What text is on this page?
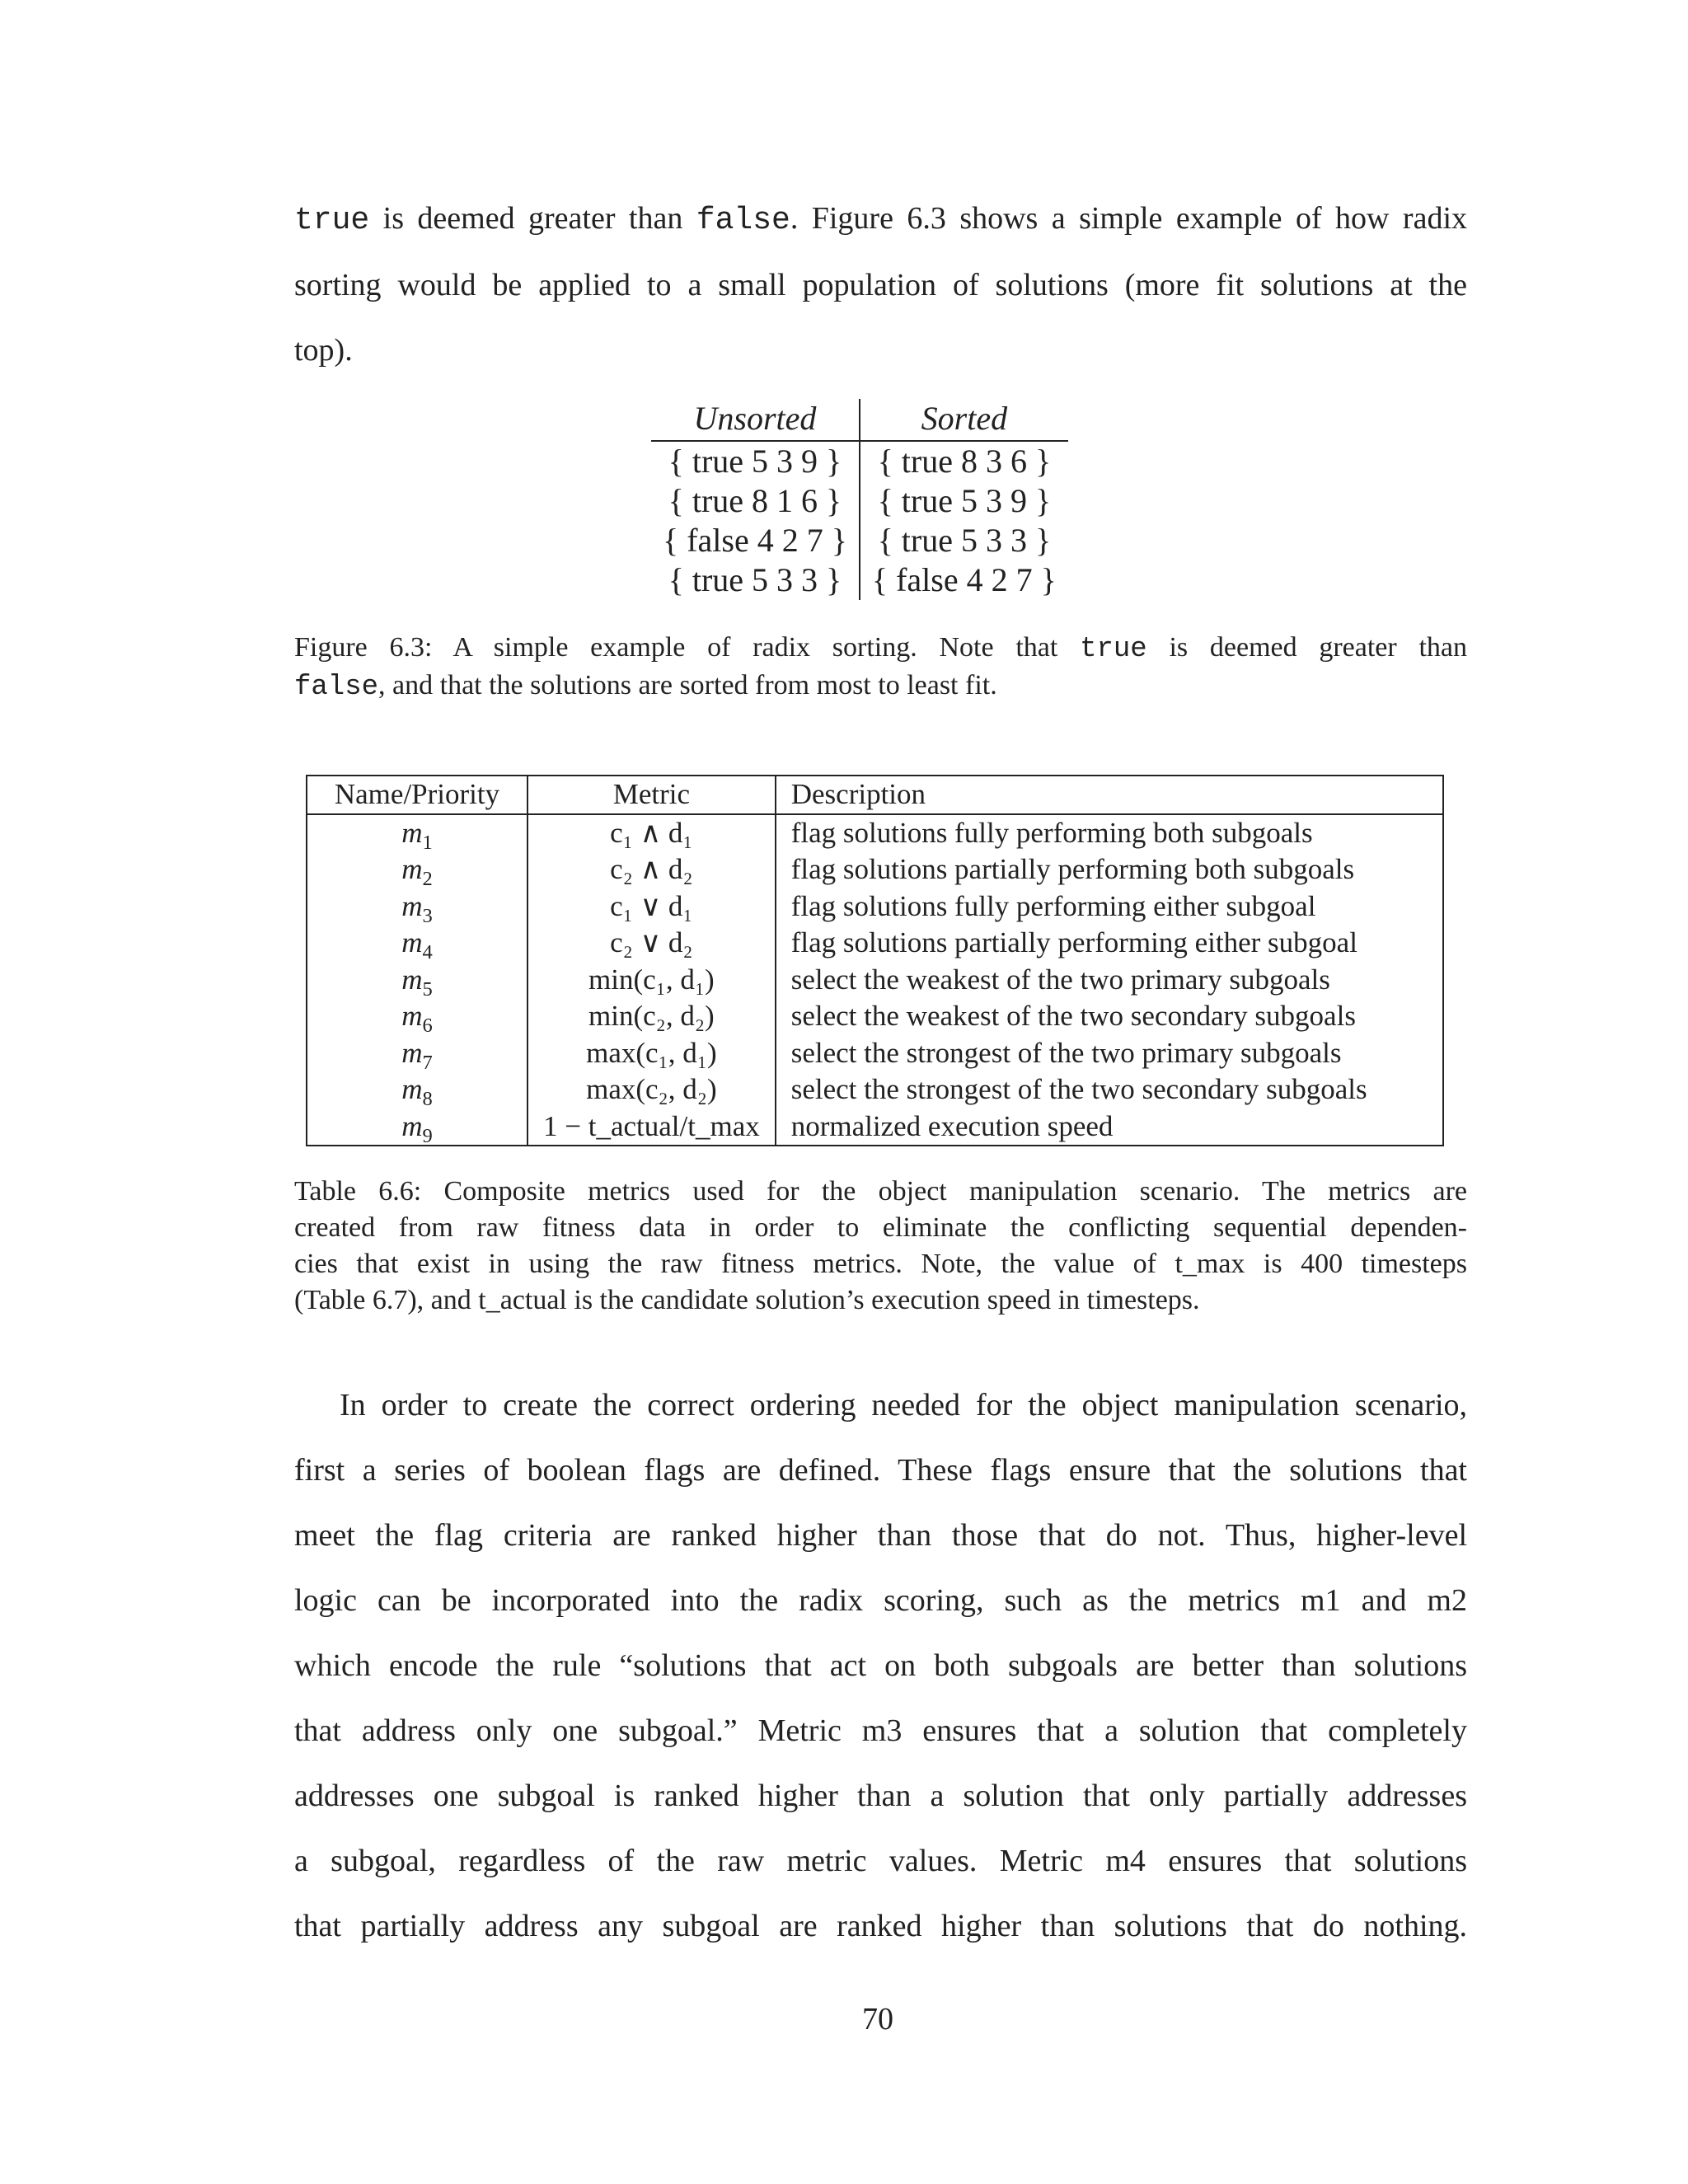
true is deemed greater than false. Figure 6.3 shows a simple example of how radix
sorting would be applied to a small population of solutions (more fit solutions at the
top).
Unsorted	Sorted
{ true 5 3 9 }	{ true 8 3 6 }
{ true 8 1 6 }	{ true 5 3 9 }
{ false 4 2 7 }	{ true 5 3 3 }
{ true 5 3 3 }	{ false 4 2 7 }
Figure 6.3: A simple example of radix sorting. Note that true is deemed greater than
false, and that the solutions are sorted from most to least fit.
Name/Priority	Metric	Description
$m_1$	c₁ ∧ d₁	flag solutions fully performing both subgoals
$m_2$	c₂ ∧ d₂	flag solutions partially performing both subgoals
$m_3$	c₁ ∨ d₁	flag solutions fully performing either subgoal
$m_4$	c₂ ∨ d₂	flag solutions partially performing either subgoal
$m_5$	min(c₁, d₁)	select the weakest of the two primary subgoals
$m_6$	min(c₂, d₂)	select the weakest of the two secondary subgoals
$m_7$	max(c₁, d₁)	select the strongest of the two primary subgoals
$m_8$	max(c₂, d₂)	select the strongest of the two secondary subgoals
$m_9$	1 − t_actual/t_max	normalized execution speed
Table 6.6: Composite metrics used for the object manipulation scenario. The metrics are
created from raw fitness data in order to eliminate the conflicting sequential dependen-
cies that exist in using the raw fitness metrics. Note, the value of t_max is 400 timesteps
(Table 6.7), and t_actual is the candidate solution’s execution speed in timesteps.
In order to create the correct ordering needed for the object manipulation scenario,
first a series of boolean flags are defined. These flags ensure that the solutions that
meet the flag criteria are ranked higher than those that do not. Thus, higher-level
logic can be incorporated into the radix scoring, such as the metrics m1 and m2
which encode the rule “solutions that act on both subgoals are better than solutions
that address only one subgoal.” Metric m3 ensures that a solution that completely
addresses one subgoal is ranked higher than a solution that only partially addresses
a subgoal, regardless of the raw metric values. Metric m4 ensures that solutions
that partially address any subgoal are ranked higher than solutions that do nothing.
70
